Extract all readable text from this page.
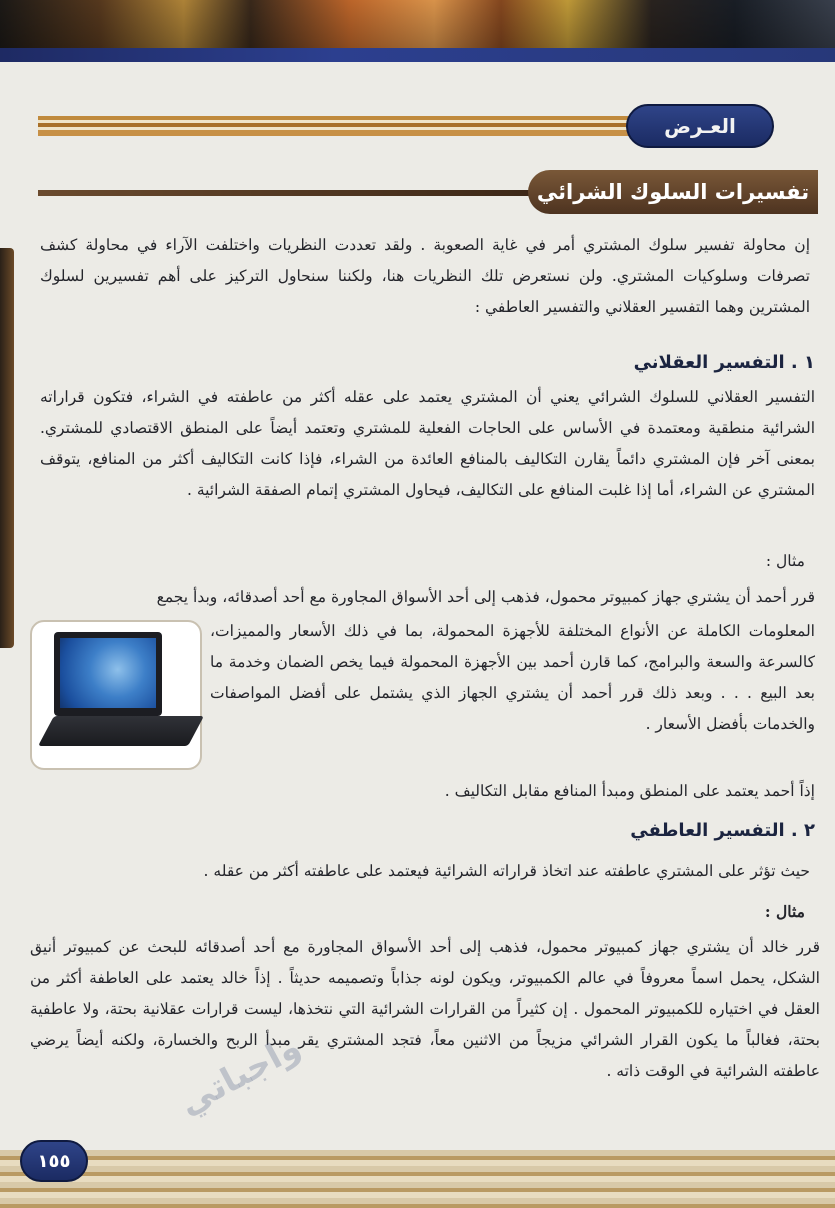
العـرض
تفسيرات السلوك الشرائي

إن محاولة تفسير سلوك المشتري أمر في غاية الصعوبة . ولقد تعددت النظريات واختلفت الآراء في محاولة كشف تصرفات وسلوكيات المشتري. ولن نستعرض تلك النظريات هنا، ولكننا سنحاول التركيز على أهم تفسيرين لسلوك المشترين وهما التفسير العقلاني والتفسير العاطفي :

١ . التفسير العقلاني

التفسير العقلاني للسلوك الشرائي يعني أن المشتري يعتمد على عقله أكثر من عاطفته في الشراء، فتكون قراراته الشرائية منطقية ومعتمدة في الأساس على الحاجات الفعلية للمشتري وتعتمد أيضاً على المنطق الاقتصادي للمشتري. بمعنى آخر فإن المشتري دائماً يقارن التكاليف بالمنافع العائدة من الشراء، فإذا كانت التكاليف أكثر من المنافع، يتوقف المشتري عن الشراء، أما إذا غلبت المنافع على التكاليف، فيحاول المشتري إتمام الصفقة الشرائية .

مثال :

قرر أحمد أن يشتري جهاز كمبيوتر محمول، فذهب إلى أحد الأسواق المجاورة مع أحد أصدقائه، وبدأ يجمع

المعلومات الكاملة عن الأنواع المختلفة للأجهزة المحمولة، بما في ذلك الأسعار والمميزات، كالسرعة والسعة والبرامج، كما قارن أحمد بين الأجهزة المحمولة فيما يخص الضمان وخدمة ما بعد البيع . . . وبعد ذلك قرر أحمد أن يشتري الجهاز الذي يشتمل على أفضل المواصفات والخدمات بأفضل الأسعار .

إذاً أحمد يعتمد على المنطق ومبدأ المنافع مقابل التكاليف .

٢ . التفسير العاطفي

حيث تؤثر على المشتري عاطفته عند اتخاذ قراراته الشرائية فيعتمد على عاطفته أكثر من عقله .

مثال :

قرر خالد أن يشتري جهاز كمبيوتر محمول، فذهب إلى أحد الأسواق المجاورة مع أحد أصدقائه للبحث عن كمبيوتر أنيق الشكل، يحمل اسماً معروفاً في عالم الكمبيوتر، ويكون لونه جذاباً وتصميمه حديثاً . إذاً خالد يعتمد على العاطفة أكثر من العقل في اختياره للكمبيوتر المحمول . إن كثيراً من القرارات الشرائية التي نتخذها، ليست قرارات عقلانية بحتة، ولا عاطفية بحتة، فغالباً ما يكون القرار الشرائي مزيجاً من الاثنين معاً، فتجد المشتري يقر مبدأ الربح والخسارة، ولكنه أيضاً يرضي عاطفته الشرائية في الوقت ذاته .

واجباتي
١٥٥
